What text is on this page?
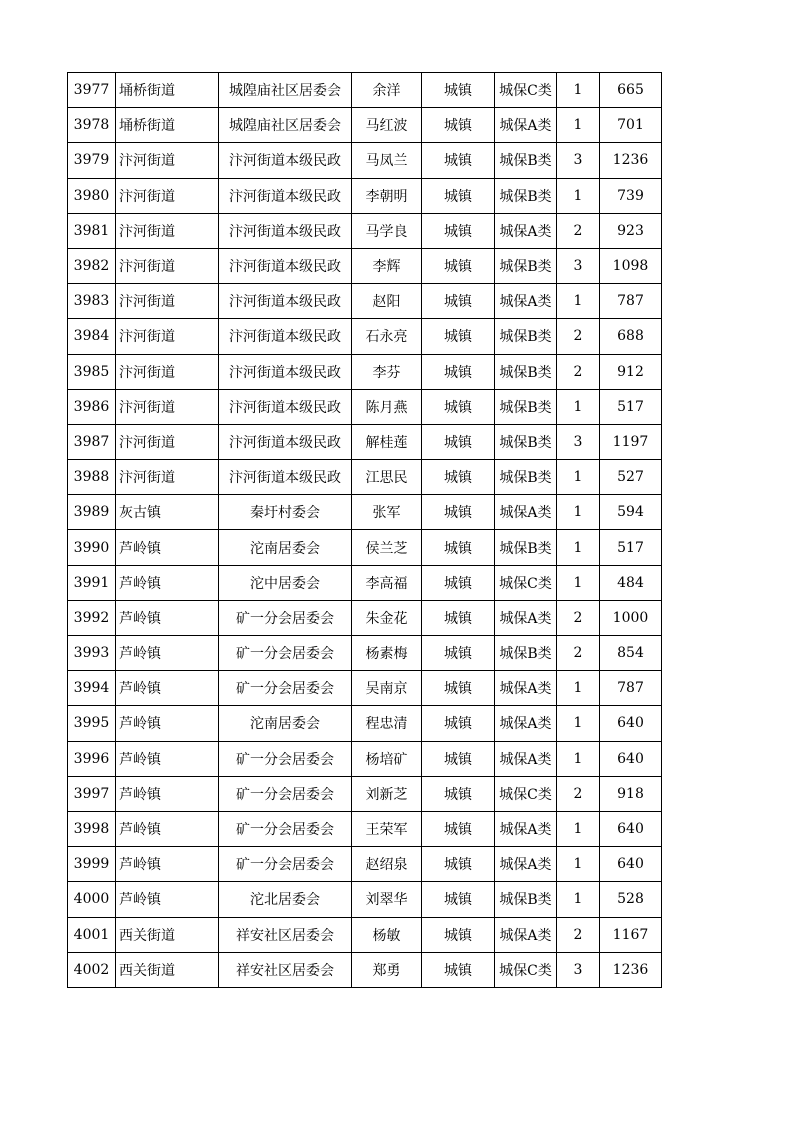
3977	埇桥街道	城隍庙社区居委会	余洋	城镇	城保C类	1	665
3978	埇桥街道	城隍庙社区居委会	马红波	城镇	城保A类	1	701
3979	汴河街道	汴河街道本级民政	马凤兰	城镇	城保B类	3	1236
3980	汴河街道	汴河街道本级民政	李朝明	城镇	城保B类	1	739
3981	汴河街道	汴河街道本级民政	马学良	城镇	城保A类	2	923
3982	汴河街道	汴河街道本级民政	李辉	城镇	城保B类	3	1098
3983	汴河街道	汴河街道本级民政	赵阳	城镇	城保A类	1	787
3984	汴河街道	汴河街道本级民政	石永亮	城镇	城保B类	2	688
3985	汴河街道	汴河街道本级民政	李芬	城镇	城保B类	2	912
3986	汴河街道	汴河街道本级民政	陈月燕	城镇	城保B类	1	517
3987	汴河街道	汴河街道本级民政	解桂莲	城镇	城保B类	3	1197
3988	汴河街道	汴河街道本级民政	江思民	城镇	城保B类	1	527
3989	灰古镇	秦圩村委会	张军	城镇	城保A类	1	594
3990	芦岭镇	沱南居委会	侯兰芝	城镇	城保B类	1	517
3991	芦岭镇	沱中居委会	李高福	城镇	城保C类	1	484
3992	芦岭镇	矿一分会居委会	朱金花	城镇	城保A类	2	1000
3993	芦岭镇	矿一分会居委会	杨素梅	城镇	城保B类	2	854
3994	芦岭镇	矿一分会居委会	吴南京	城镇	城保A类	1	787
3995	芦岭镇	沱南居委会	程忠清	城镇	城保A类	1	640
3996	芦岭镇	矿一分会居委会	杨培矿	城镇	城保A类	1	640
3997	芦岭镇	矿一分会居委会	刘新芝	城镇	城保C类	2	918
3998	芦岭镇	矿一分会居委会	王荣军	城镇	城保A类	1	640
3999	芦岭镇	矿一分会居委会	赵绍泉	城镇	城保A类	1	640
4000	芦岭镇	沱北居委会	刘翠华	城镇	城保B类	1	528
4001	西关街道	祥安社区居委会	杨敏	城镇	城保A类	2	1167
4002	西关街道	祥安社区居委会	郑勇	城镇	城保C类	3	1236
